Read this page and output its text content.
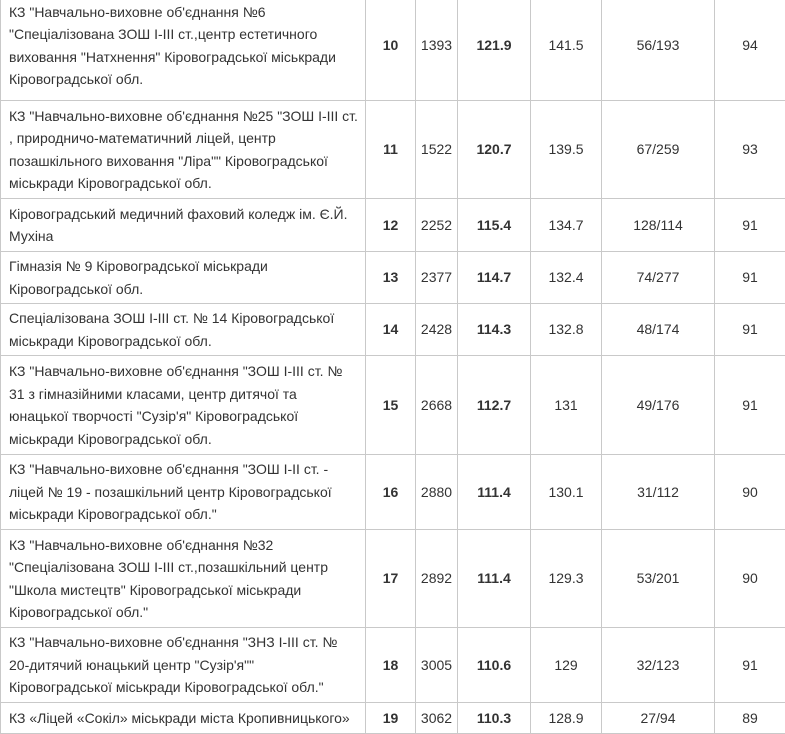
КЗ "Навчально-виховне об'єднання №6 "Спеціалізована ЗОШ I-III ст.,центр естетичного виховання "Натхнення" Кіровоградської міськради Кіровоградської обл.	10	1393	121.9	141.5	56/193	94
КЗ "Навчально-виховне об'єднання №25 "ЗОШ I-III ст. , природничо-математичний ліцей, центр позашкільного виховання "Ліра"" Кіровоградської міськради Кіровоградської обл.	11	1522	120.7	139.5	67/259	93
Кіровоградський медичний фаховий коледж ім. Є.Й. Мухіна	12	2252	115.4	134.7	128/114	91
Гімназія № 9 Кіровоградської міськради Кіровоградської обл.	13	2377	114.7	132.4	74/277	91
Спеціалізована ЗОШ I-III ст. № 14 Кіровоградської міськради Кіровоградської обл.	14	2428	114.3	132.8	48/174	91
КЗ "Навчально-виховне об'єднання "ЗОШ I-III ст. № 31 з гімназійними класами, центр дитячої та юнацької творчості "Сузір'я" Кіровоградської міськради Кіровоградської обл.	15	2668	112.7	131	49/176	91
КЗ "Навчально-виховне об'єднання "ЗОШ I-II ст. - ліцей № 19 - позашкільний центр Кіровоградської міськради Кіровоградської обл."	16	2880	111.4	130.1	31/112	90
КЗ "Навчально-виховне об'єднання №32 "Спеціалізована ЗОШ I-III ст.,позашкільний центр "Школа мистецтв" Кіровоградської міськради Кіровоградської обл."	17	2892	111.4	129.3	53/201	90
КЗ "Навчально-виховне об'єднання "ЗНЗ I-III ст. № 20-дитячий юнацький центр "Сузір'я"" Кіровоградської міськради Кіровоградської обл."	18	3005	110.6	129	32/123	91
КЗ «Ліцей «Сокіл» міськради міста Кропивницького»	19	3062	110.3	128.9	27/94	89
